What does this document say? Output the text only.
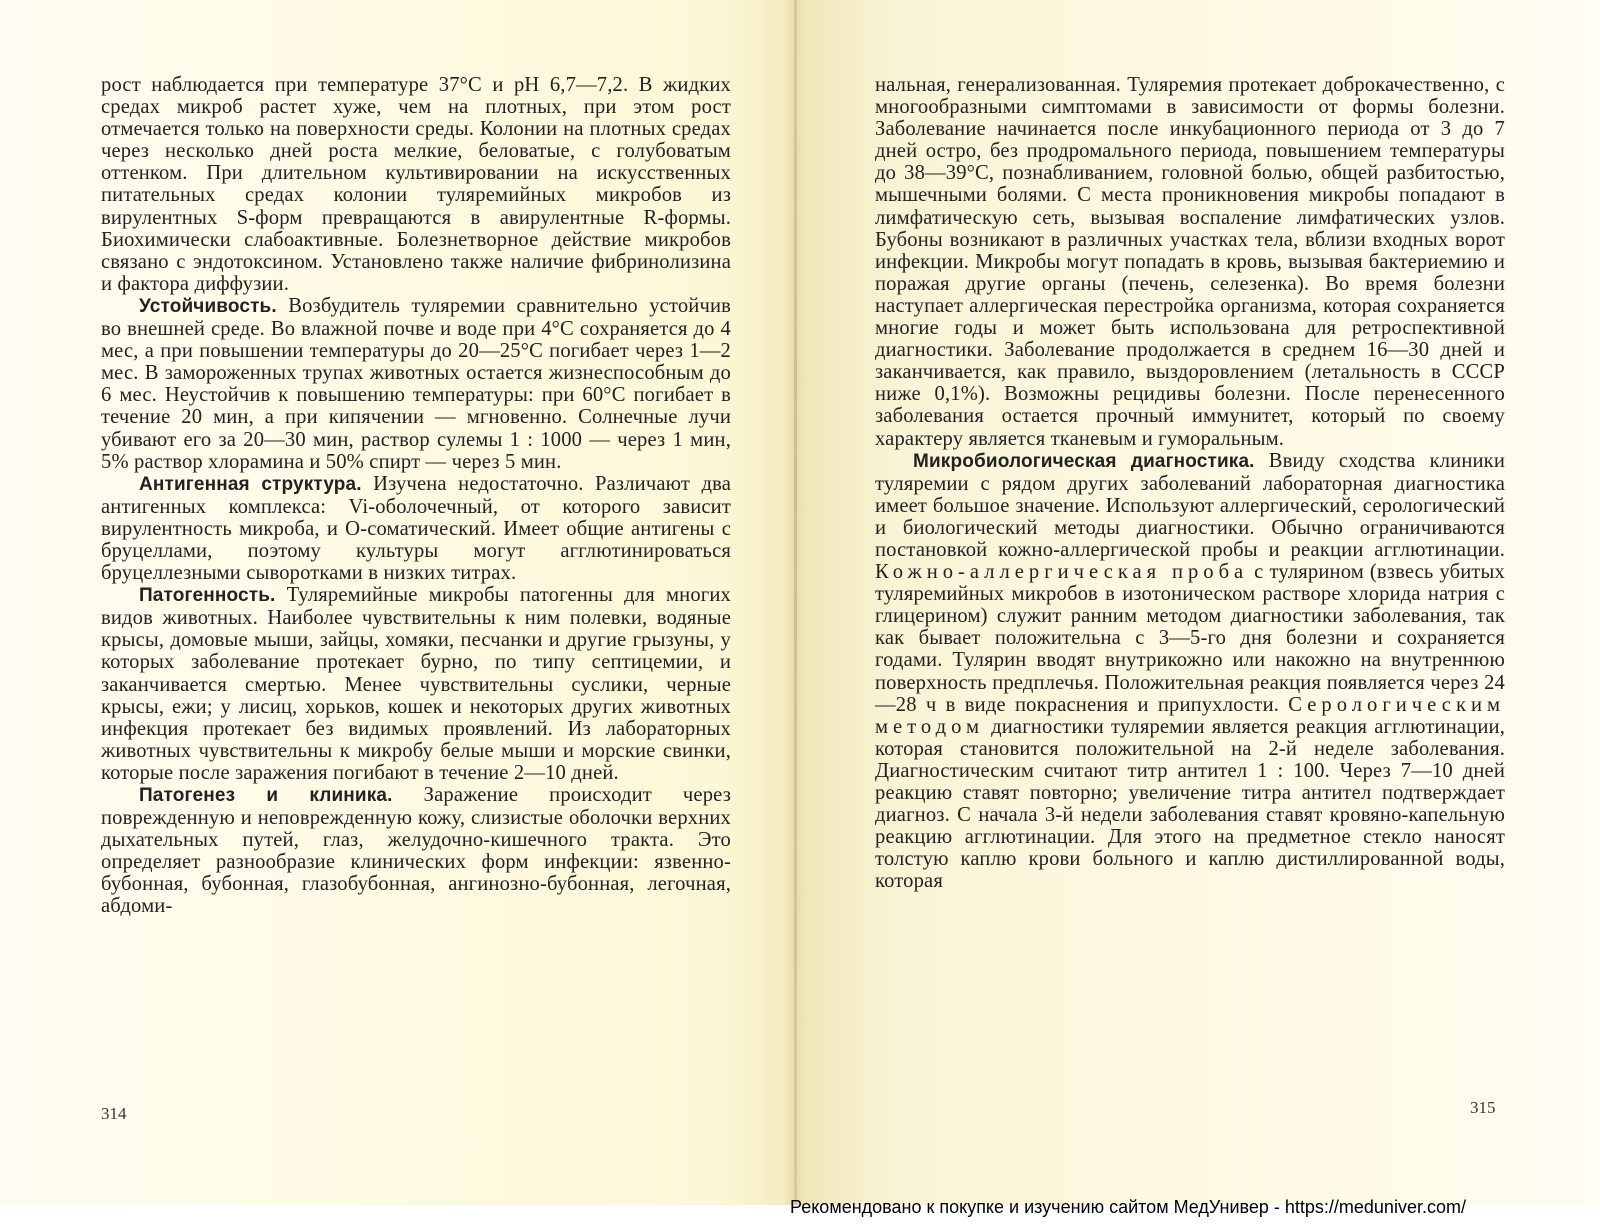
рост наблюдается при температуре 37°С и pH 6,7—7,2. В жидких средах микроб растет хуже, чем на плотных, при этом рост отмечается только на поверхности среды. Колонии на плотных средах через несколько дней роста мелкие, беловатые, с голубоватым оттенком. При длительном культивировании на искусственных питательных средах колонии туляремийных микробов из вирулентных S-форм превращаются в авирулентные R-формы. Биохимически слабоактивные. Болезнетворное действие микробов связано с эндотоксином. Установлено также наличие фибринолизина и фактора диффузии.

Устойчивость. Возбудитель туляремии сравнительно устойчив во внешней среде. Во влажной почве и воде при 4°С сохраняется до 4 мес, а при повышении температуры до 20—25°С погибает через 1—2 мес. В замороженных трупах животных остается жизнеспособным до 6 мес. Неустойчив к повышению температуры: при 60°С погибает в течение 20 мин, а при кипячении — мгновенно. Солнечные лучи убивают его за 20—30 мин, раствор сулемы 1 : 1000 — через 1 мин, 5% раствор хлорамина и 50% спирт — через 5 мин.

Антигенная структура. Изучена недостаточно. Различают два антигенных комплекса: Vi-оболочечный, от которого зависит вирулентность микроба, и О-соматический. Имеет общие антигены с бруцеллами, поэтому культуры могут агглютинироваться бруцеллезными сыворотками в низких титрах.

Патогенность. Туляремийные микробы патогенны для многих видов животных. Наиболее чувствительны к ним полевки, водяные крысы, домовые мыши, зайцы, хомяки, песчанки и другие грызуны, у которых заболевание протекает бурно, по типу септицемии, и заканчивается смертью. Менее чувствительны суслики, черные крысы, ежи; у лисиц, хорьков, кошек и некоторых других животных инфекция протекает без видимых проявлений. Из лабораторных животных чувствительны к микробу белые мыши и морские свинки, которые после заражения погибают в течение 2—10 дней.

Патогенез и клиника. Заражение происходит через поврежденную и неповрежденную кожу, слизистые оболочки верхних дыхательных путей, глаз, желудочно-кишечного тракта. Это определяет разнообразие клинических форм инфекции: язвенно-бубонная, бубонная, глазобубонная, ангинозно-бубонная, легочная, абдоми-

314

нальная, генерализованная. Туляремия протекает доброкачественно, с многообразными симптомами в зависимости от формы болезни. Заболевание начинается после инкубационного периода от 3 до 7 дней остро, без продромального периода, повышением температуры до 38—39°С, познабливанием, головной болью, общей разбитостью, мышечными болями. С места проникновения микробы попадают в лимфатическую сеть, вызывая воспаление лимфатических узлов. Бубоны возникают в различных участках тела, вблизи входных ворот инфекции. Микробы могут попадать в кровь, вызывая бактериемию и поражая другие органы (печень, селезенка). Во время болезни наступает аллергическая перестройка организма, которая сохраняется многие годы и может быть использована для ретроспективной диагностики. Заболевание продолжается в среднем 16—30 дней и заканчивается, как правило, выздоровлением (летальность в СССР ниже 0,1%). Возможны рецидивы болезни. После перенесенного заболевания остается прочный иммунитет, который по своему характеру является тканевым и гуморальным.

Микробиологическая диагностика. Ввиду сходства клиники туляремии с рядом других заболеваний лабораторная диагностика имеет большое значение. Используют аллергический, серологический и биологический методы диагностики. Обычно ограничиваются постановкой кожно-аллергической пробы и реакции агглютинации. Кожно-аллергическая проба с тулярином (взвесь убитых туляремийных микробов в изотоническом растворе хлорида натрия с глицерином) служит ранним методом диагностики заболевания, так как бывает положительна с 3—5-го дня болезни и сохраняется годами. Тулярин вводят внутрикожно или накожно на внутреннюю поверхность предплечья. Положительная реакция появляется через 24—28 ч в виде покраснения и припухлости. Серологическим методом диагностики туляремии является реакция агглютинации, которая становится положительной на 2-й неделе заболевания. Диагностическим считают титр антител 1 : 100. Через 7—10 дней реакцию ставят повторно; увеличение титра антител подтверждает диагноз. С начала 3-й недели заболевания ставят кровяно-капельную реакцию агглютинации. Для этого на предметное стекло наносят толстую каплю крови больного и каплю дистиллированной воды, которая

315
Рекомендовано к покупке и изучению сайтом МедУнивер - https://meduniver.com/
